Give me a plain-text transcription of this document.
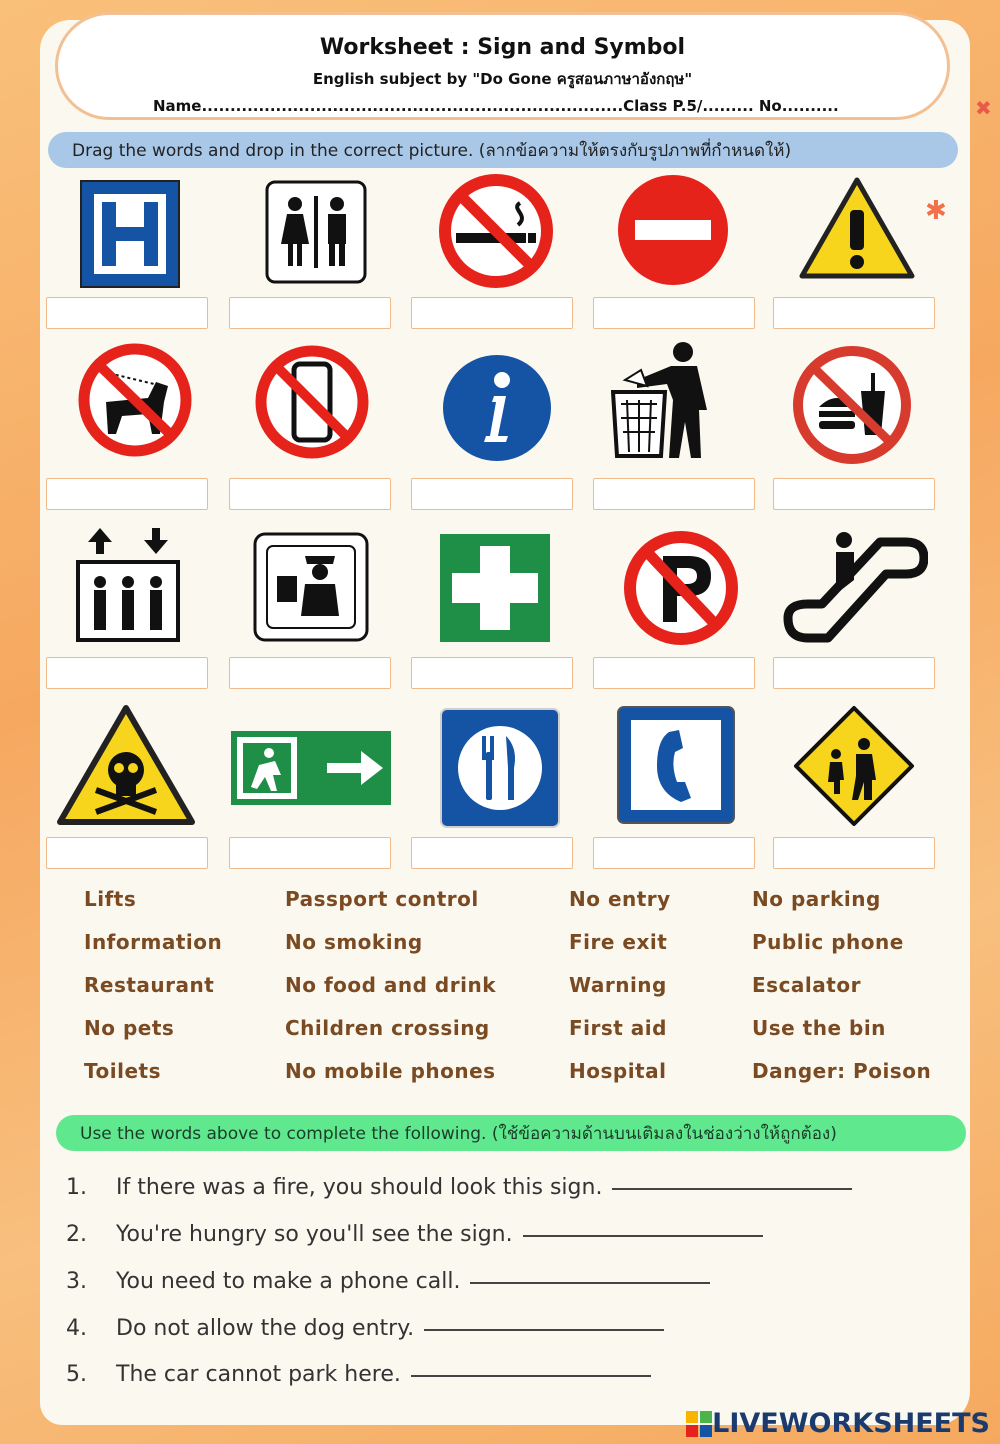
✖
✱
Worksheet : Sign and Symbol
English subject by "Do Gone ครูสอนภาษาอังกฤษ"
Name..........................................................................Class P.5/......... No..........
Drag the words and drop in the correct picture. (ลากข้อความให้ตรงกับรูปภาพที่กำหนดให้)
Lifts	Passport control	No entry	No parking
Information	No smoking	Fire exit	Public phone
Restaurant	No food and drink	Warning	Escalator
No pets	Children crossing	First aid	Use the bin
Toilets	No mobile phones	Hospital	Danger: Poison
Use the words above to complete the following. (ใช้ข้อความด้านบนเติมลงในช่องว่างให้ถูกต้อง)
1. If there was a fire, you should look this sign.
2. You're hungry so you'll see the sign.
3. You need to make a phone call.
4. Do not allow the dog entry.
5. The car cannot park here.
LIVEWORKSHEETS
